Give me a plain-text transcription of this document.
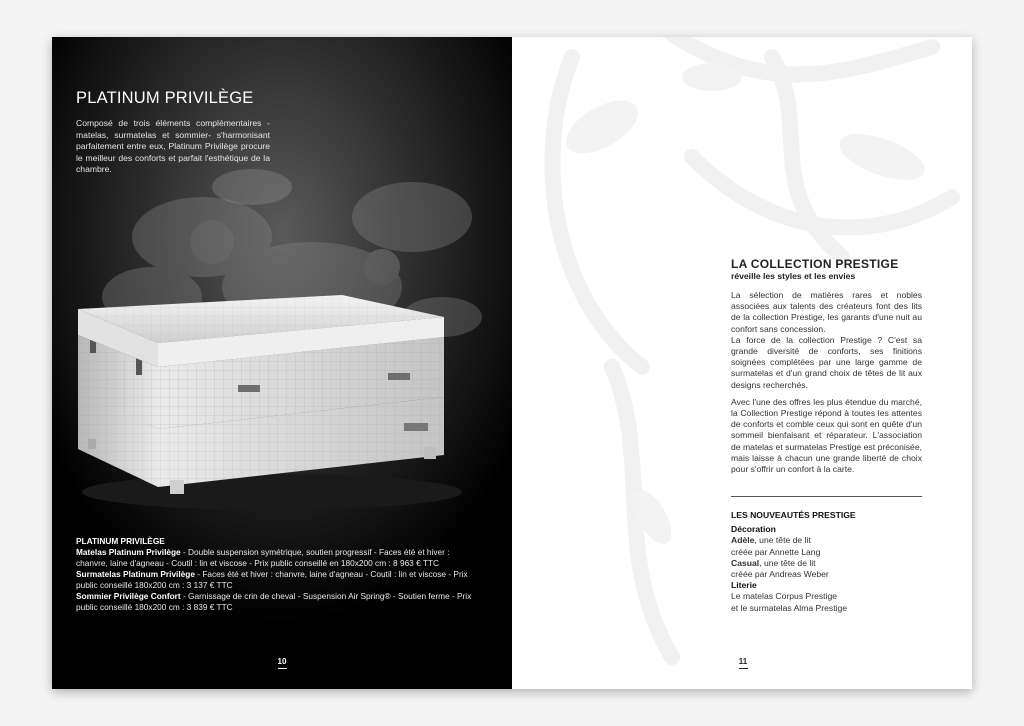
PLATINUM PRIVILÈGE

Composé de trois éléments complémentaires -matelas, surmatelas et sommier- s'harmonisant parfaitement entre eux, Platinum Privilège procure le meilleur des conforts et parfait l'esthétique de la chambre.

PLATINUM PRIVILÈGE
Matelas Platinum Privilège - Double suspension symétrique, soutien progressif - Faces été et hiver : chanvre, laine d'agneau - Coutil : lin et viscose - Prix public conseillé en 180x200 cm : 8 963 € TTC
Surmatelas Platinum Privilège - Faces été et hiver : chanvre, laine d'agneau - Coutil : lin et viscose - Prix public conseillé 180x200 cm : 3 137 € TTC
Sommier Privilège Confort - Garnissage de crin de cheval - Suspension Air Spring® - Soutien ferme - Prix public conseillé 180x200 cm : 3 839 € TTC
10
LA COLLECTION PRESTIGE
réveille les styles et les envies

La sélection de matières rares et nobles associées aux talents des créateurs font des lits de la collection Prestige, les garants d'une nuit au confort sans concession.

La force de la collection Prestige ? C'est sa grande diversité de conforts, ses finitions soignées complétées par une large gamme de surmatelas et d'un grand choix de têtes de lit aux designs recherchés.

Avec l'une des offres les plus étendue du marché, la Collection Prestige répond à toutes les attentes de conforts et comble ceux qui sont en quête d'un sommeil bienfaisant et réparateur. L'association de matelas et surmatelas Prestige est préconisée, mais laisse à chacun une grande liberté de choix pour s'offrir un confort à la carte.

LES NOUVEAUTÉS PRESTIGE
Décoration
Adèle, une tête de lit
créée par Annette Lang
Casual, une tête de lit
créée par Andreas Weber
Literie
Le matelas Corpus Prestige
et le surmatelas Alma Prestige
11
